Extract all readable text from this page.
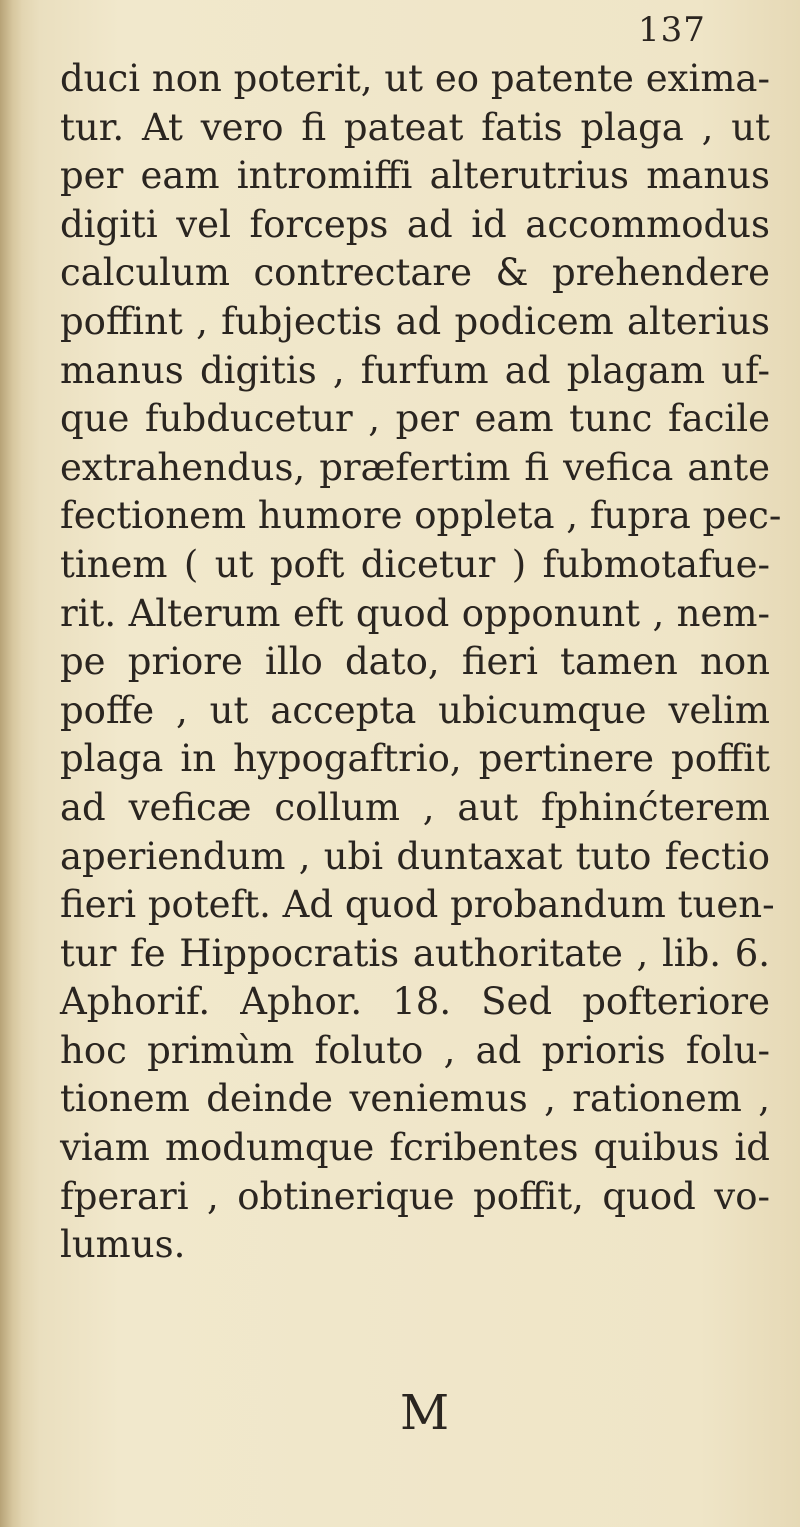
137
duci non poterit, ut eo patente exima-
tur. At vero fi pateat fatis plaga , ut
per eam intromiffi alterutrius manus
digiti vel forceps ad id accommodus
calculum contrectare & prehendere
poffint , fubjectis ad podicem alterius
manus digitis , furfum ad plagam uf-
que fubducetur , per eam tunc facile
extrahendus, præfertim fi vefica ante
fectionem humore oppleta , fupra pec-
tinem ( ut poft dicetur ) fubmotafue-
rit. Alterum eft quod opponunt , nem-
pe priore illo dato, fieri tamen non
poffe , ut accepta ubicumque velim
plaga in hypogaftrio, pertinere poffit
ad veficæ collum , aut fphinćterem
aperiendum , ubi duntaxat tuto fectio
fieri poteft. Ad quod probandum tuen-
tur fe Hippocratis authoritate , lib. 6.
Aphorif. Aphor. 18. Sed pofteriore
hoc primùm foluto , ad prioris folu-
tionem deinde veniemus , rationem ,
viam modumque fcribentes quibus id
fperari , obtinerique poffit, quod vo-
lumus.
M
